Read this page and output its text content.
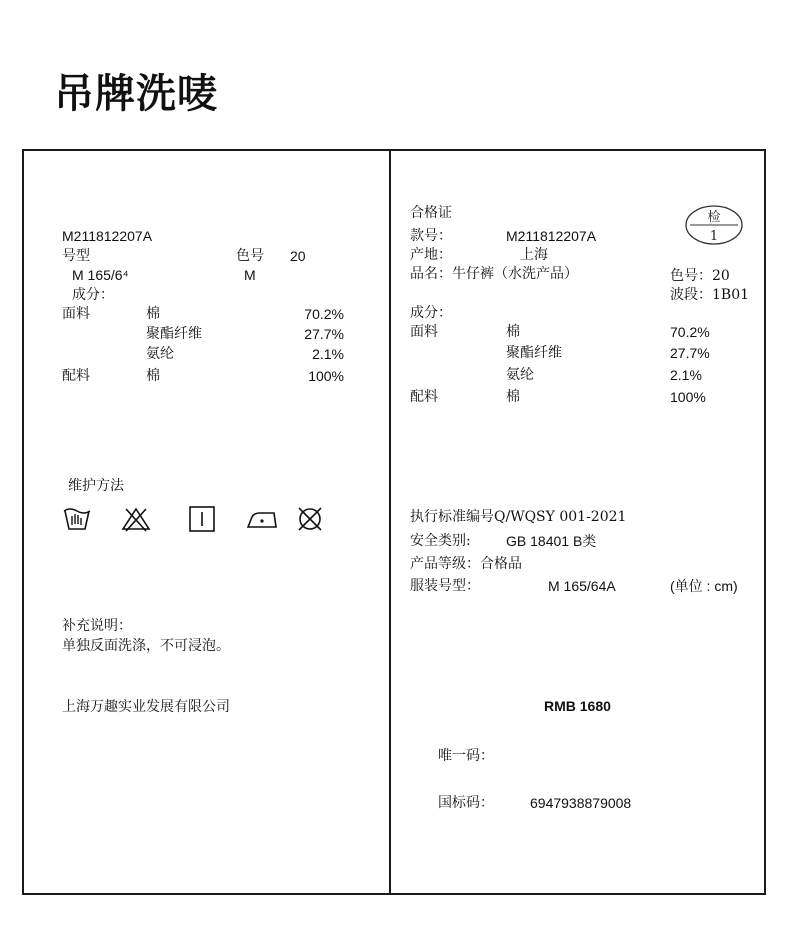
吊牌洗唛
M211812207A
号型
M 165/6⁴
色号 20
M
成分：
面料	棉	70.2%
聚酯纤维	27.7%
氨纶	2.1%
配料	棉	100%
维护方法
补充说明：
单独反面洗涤，不可浸泡。
上海万趣实业发展有限公司
合格证	检
1
款号：	M211812207A
产地：	上海
品名：牛仔裤（水洗产品）	色号：20
波段：1B01
成分：
面料	棉	70.2%
聚酯纤维	27.7%
氨纶	2.1%
配料	棉	100%
执行标准编号Q/WQSY 001-2021
安全类别:	GB 18401 B类
产品等级：合格品
服装号型：	M 165/64A	(单位 : cm)
RMB 1680
唯一码：
国标码：	6947938879008
